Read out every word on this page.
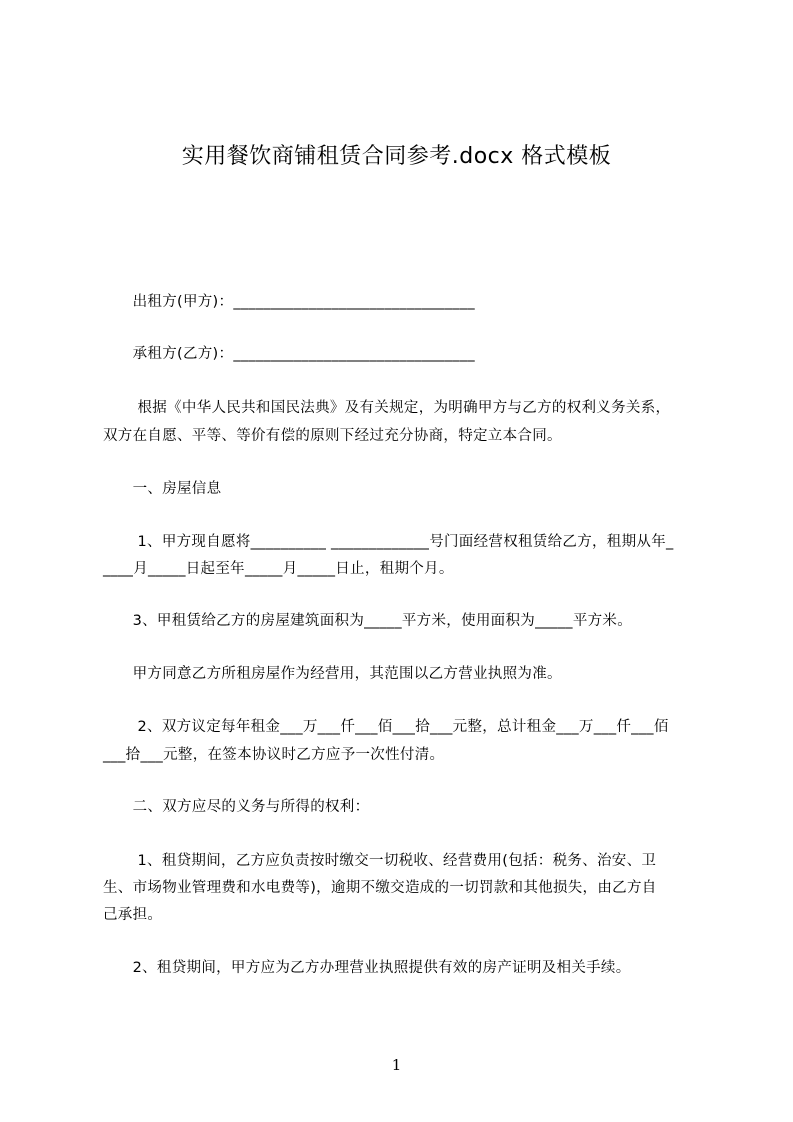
实用餐饮商铺租赁合同参考.docx 格式模板
　　出租方(甲方)：________________________________
　　承租方(乙方)：________________________________
　　 根据《中华人民共和国民法典》及有关规定，为明确甲方与乙方的权利义务关系，
双方在自愿、平等、等价有偿的原则下经过充分协商，特定立本合同。
　　一、房屋信息
　　 1、甲方现自愿将__________ _____________号门面经营权租赁给乙方，租期从年_
____月_____日起至年_____月_____日止，租期个月。
　　3、甲租赁给乙方的房屋建筑面积为_____平方米，使用面积为_____平方米。
　　甲方同意乙方所租房屋作为经营用，其范围以乙方营业执照为准。
　　 2、双方议定每年租金___万___仟___佰___拾___元整，总计租金___万___仟___佰
___拾___元整，在签本协议时乙方应予一次性付清。
　　二、双方应尽的义务与所得的权利：
　　 1、租贷期间，乙方应负责按时缴交一切税收、经营费用(包括：税务、治安、卫
生、市场物业管理费和水电费等)，逾期不缴交造成的一切罚款和其他损失，由乙方自
己承担。
　　2、租贷期间，甲方应为乙方办理营业执照提供有效的房产证明及相关手续。
1
